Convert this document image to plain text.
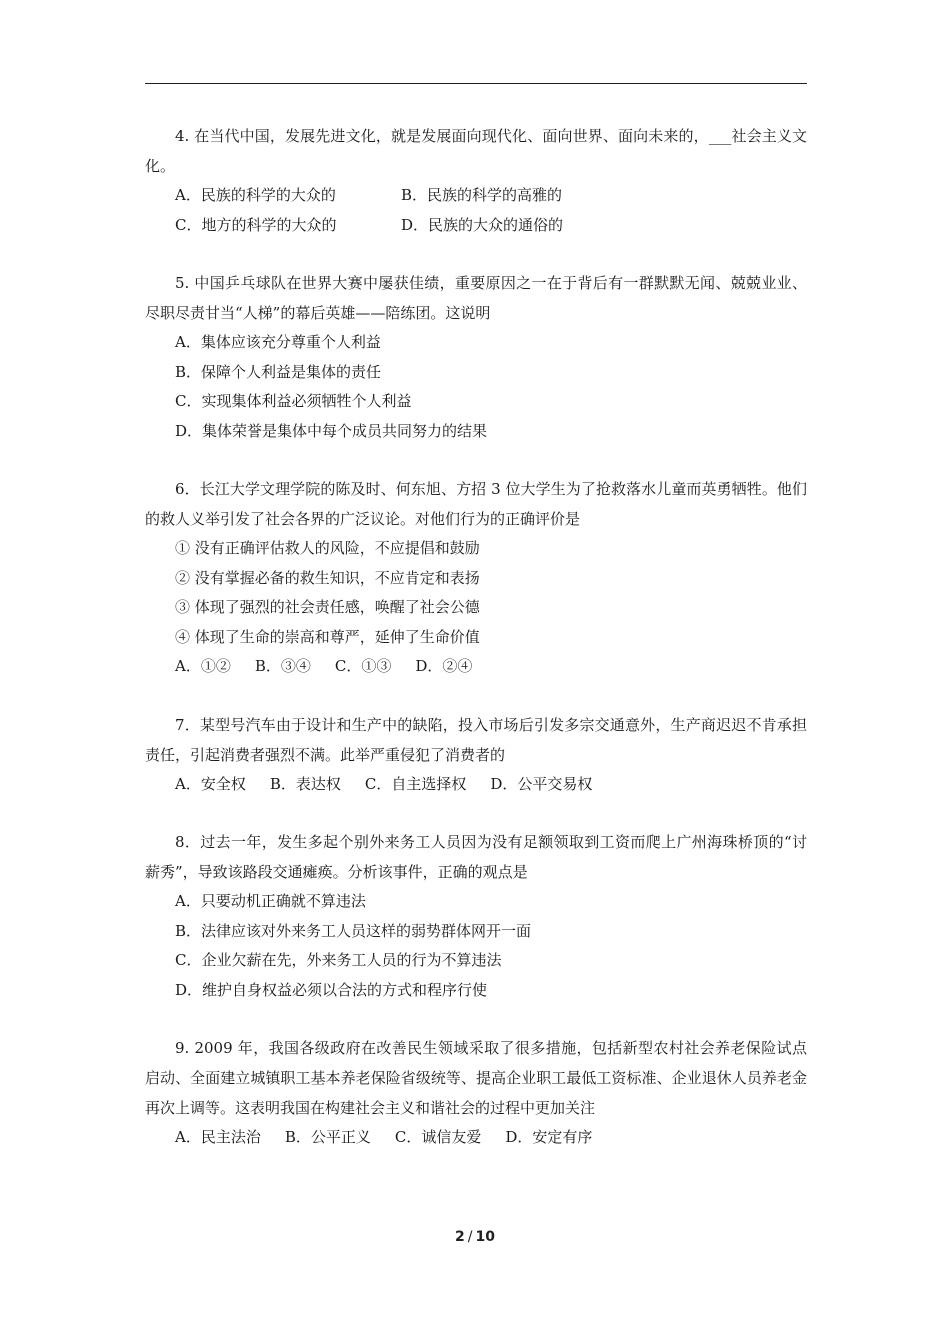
4. 在当代中国，发展先进文化，就是发展面向现代化、面向世界、面向未来的，___社会主义文化。

A．民族的科学的大众的	B．民族的科学的高雅的
C．地方的科学的大众的	D．民族的大众的通俗的

5. 中国乒乓球队在世界大赛中屡获佳绩，重要原因之一在于背后有一群默默无闻、兢兢业业、尽职尽责甘当“人梯”的幕后英雄——陪练团。这说明

A．集体应该充分尊重个人利益

B．保障个人利益是集体的责任

C．实现集体利益必须牺牲个人利益

D．集体荣誉是集体中每个成员共同努力的结果

6．长江大学文理学院的陈及时、何东旭、方招 3 位大学生为了抢救落水儿童而英勇牺牲。他们的救人义举引发了社会各界的广泛议论。对他们行为的正确评价是

① 没有正确评估救人的风险，不应提倡和鼓励

② 没有掌握必备的救生知识，不应肯定和表扬

③ 体现了强烈的社会责任感，唤醒了社会公德

④ 体现了生命的崇高和尊严，延伸了生命价值

A．①② B．③④ C．①③ D．②④

7．某型号汽车由于设计和生产中的缺陷，投入市场后引发多宗交通意外，生产商迟迟不肯承担责任，引起消费者强烈不满。此举严重侵犯了消费者的

A．安全权 B．表达权 C．自主选择权 D．公平交易权

8．过去一年，发生多起个别外来务工人员因为没有足额领取到工资而爬上广州海珠桥顶的“讨薪秀”，导致该路段交通瘫痪。分析该事件，正确的观点是

A．只要动机正确就不算违法

B．法律应该对外来务工人员这样的弱势群体网开一面

C．企业欠薪在先，外来务工人员的行为不算违法

D．维护自身权益必须以合法的方式和程序行使

9. 2009 年，我国各级政府在改善民生领域采取了很多措施，包括新型农村社会养老保险试点启动、全面建立城镇职工基本养老保险省级统等、提高企业职工最低工资标准、企业退休人员养老金再次上调等。这表明我国在构建社会主义和谐社会的过程中更加关注

A．民主法治 B．公平正义 C．诚信友爱 D．安定有序
2 / 10
